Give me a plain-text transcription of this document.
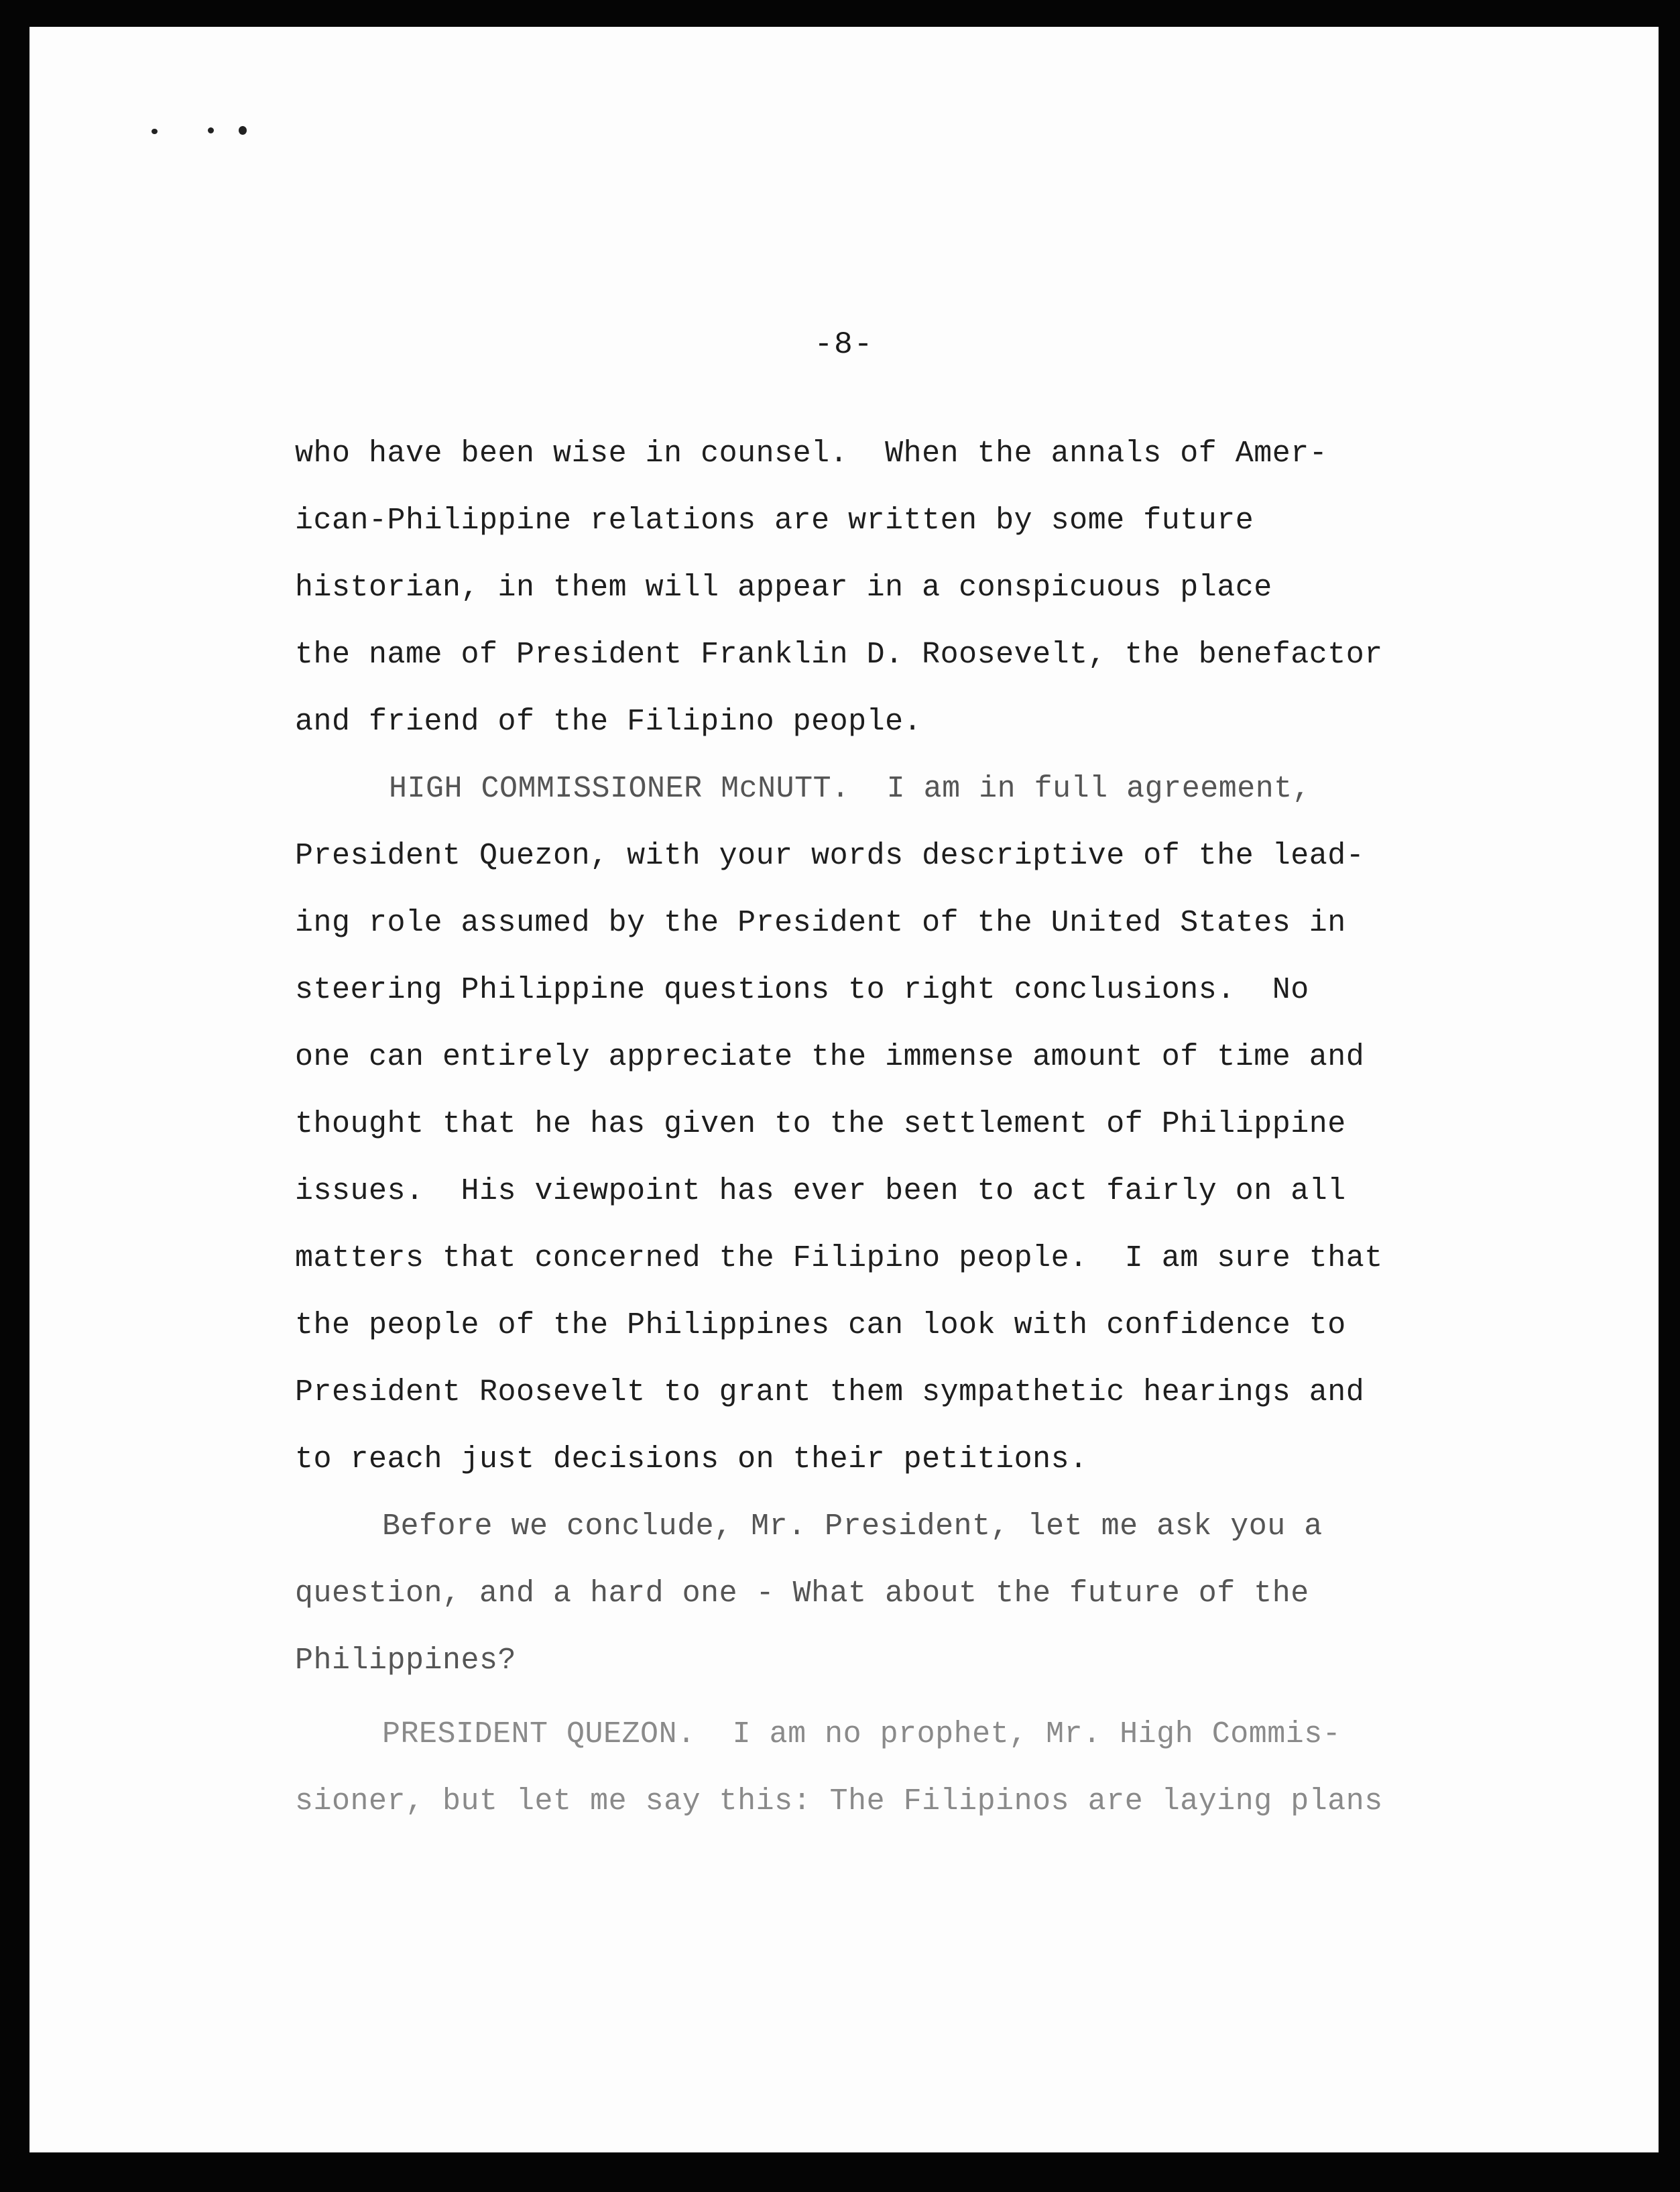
-8-
who have been wise in counsel.  When the annals of Amer-
ican-Philippine relations are written by some future
historian, in them will appear in a conspicuous place
the name of President Franklin D. Roosevelt, the benefactor
and friend of the Filipino people.
HIGH COMMISSIONER McNUTT.  I am in full agreement,
President Quezon, with your words descriptive of the lead-
ing role assumed by the President of the United States in
steering Philippine questions to right conclusions.  No
one can entirely appreciate the immense amount of time and
thought that he has given to the settlement of Philippine
issues.  His viewpoint has ever been to act fairly on all
matters that concerned the Filipino people.  I am sure that
the people of the Philippines can look with confidence to
President Roosevelt to grant them sympathetic hearings and
to reach just decisions on their petitions.
Before we conclude, Mr. President, let me ask you a
question, and a hard one - What about the future of the
Philippines?
PRESIDENT QUEZON.  I am no prophet, Mr. High Commis-
sioner, but let me say this: The Filipinos are laying plans
